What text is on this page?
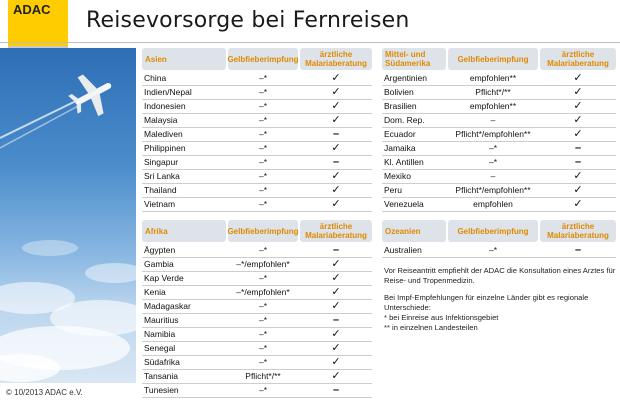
ADAC	Reisevorsorge bei Fernreisen
Asien	Gelbfieberimpfung	ärztliche Malariaberatung
China	–*	✓
Indien/Nepal	–*	✓
Indonesien	–*	✓
Malaysia	–*	✓
Malediven	–*	–
Philippinen	–*	✓
Singapur	–*	–
Sri Lanka	–*	✓
Thailand	–*	✓
Vietnam	–*	✓
Afrika	Gelbfieberimpfung	ärztliche Malariaberatung
Ägypten	–*	–
Gambia	–*/empfohlen*	✓
Kap Verde	–*	✓
Kenia	–*/empfohlen*	✓
Madagaskar	–*	✓
Mauritius	–*	–
Namibia	–*	✓
Senegal	–*	✓
Südafrika	–*	✓
Tansania	Pflicht*/**	✓
Tunesien	–*	–
Mittel- und Südamerika	Gelbfieberimpfung	ärztliche Malariaberatung
Argentinien	empfohlen**	✓
Bolivien	Pflicht*/**	✓
Brasilien	empfohlen**	✓
Dom. Rep.	–	✓
Ecuador	Pflicht*/empfohlen**	✓
Jamaika	–*	–
Kl. Antillen	–*	–
Mexiko	–	✓
Peru	Pflicht*/empfohlen**	✓
Venezuela	empfohlen	✓
Ozeanien	Gelbfieberimpfung	ärztliche Malariaberatung
Australien	–*	–
Vor Reiseantritt empfiehlt der ADAC die Konsultation eines Arztes für
Reise- und Tropenmedizin.
Bei Impf-Empfehlungen für einzelne Länder gibt es regionale Unterschiede:
* bei Einreise aus Infektionsgebiet
** in einzelnen Landesteilen
© 10/2013 ADAC e.V.
